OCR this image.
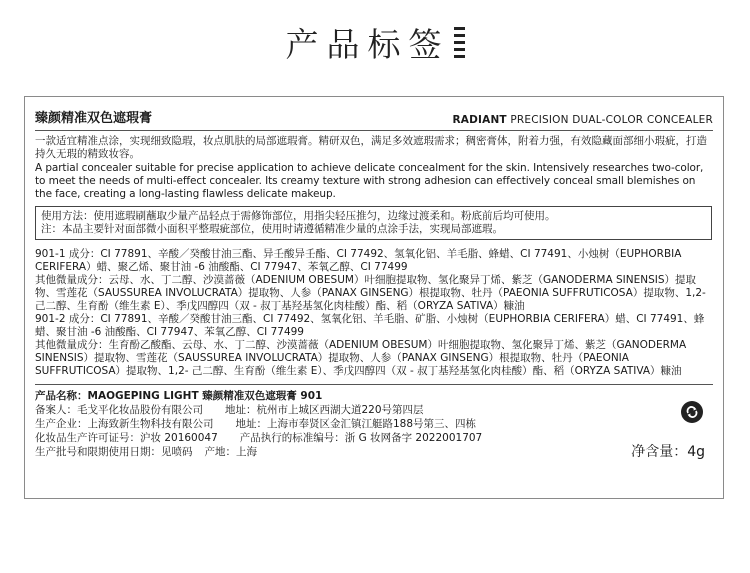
产品标签
臻颜精准双色遮瑕膏	RADIANT PRECISION DUAL-COLOR CONCEALER

一款适宜精准点涂，实现细致隐瑕，妆点肌肤的局部遮瑕膏。精研双色，满足多效遮瑕需求；稠密膏体，附着力强，有效隐藏面部细小瑕疵，打造持久无瑕的精致妆容。

A partial concealer suitable for precise application to achieve delicate concealment for the skin. Intensively researches two-color, to meet the needs of multi-effect concealer. Its creamy texture with strong adhesion can effectively conceal small blemishes on the face, creating a long-lasting flawless delicate makeup.

使用方法：使用遮瑕刷蘸取少量产品轻点于需修饰部位，用指尖轻压推匀，边缘过渡柔和。粉底前后均可使用。

注：本品主要针对面部微小面积平整瑕疵部位，使用时请遵循精准少量的点涂手法，实现局部遮瑕。

901-1 成分：CI 77891、辛酸／癸酸甘油三酯、异壬酸异壬酯、CI 77492、氢氧化铝、羊毛脂、蜂蜡、CI 77491、小烛树（EUPHORBIA CERIFERA）蜡、聚乙烯、聚甘油 -6 油酸酯、CI 77947、苯氧乙醇、CI 77499

其他微量成分：云母、水、丁二醇、沙漠蔷薇（ADENIUM OBESUM）叶细胞提取物、氢化聚异丁烯、紫芝（GANODERMA SINENSIS）提取物、雪莲花（SAUSSUREA INVOLUCRATA）提取物、人参（PANAX GINSENG）根提取物、牡丹（PAEONIA SUFFRUTICOSA）提取物、1,2- 己二醇、生育酚（维生素 E）、季戊四醇四（双 - 叔丁基羟基氢化肉桂酸）酯、稻（ORYZA SATIVA）糠油

901-2 成分：CI 77891、辛酸／癸酸甘油三酯、CI 77492、氢氧化铝、羊毛脂、矿脂、小烛树（EUPHORBIA CERIFERA）蜡、CI 77491、蜂蜡、聚甘油 -6 油酸酯、CI 77947、苯氧乙醇、CI 77499

其他微量成分：生育酚乙酸酯、云母、水、丁二醇、沙漠蔷薇（ADENIUM OBESUM）叶细胞提取物、氢化聚异丁烯、紫芝（GANODERMA SINENSIS）提取物、雪莲花（SAUSSUREA INVOLUCRATA）提取物、人参（PANAX GINSENG）根提取物、牡丹（PAEONIA SUFFRUTICOSA）提取物、1,2- 己二醇、生育酚（维生素 E）、季戊四醇四（双 - 叔丁基羟基氢化肉桂酸）酯、稻（ORYZA SATIVA）糠油

产品名称：MAOGEPING LIGHT 臻颜精准双色遮瑕膏 901

备案人：毛戈平化妆品股份有限公司 地址：杭州市上城区西湖大道220号第四层

生产企业：上海致新生物科技有限公司 地址：上海市奉贤区金汇镇江艇路188号第三、四栋

化妆品生产许可证号：沪妆 20160047 产品执行的标准编号：浙 G 妆网备字 2022001707

生产批号和限期使用日期：见喷码 产地：上海	净含量：4g
